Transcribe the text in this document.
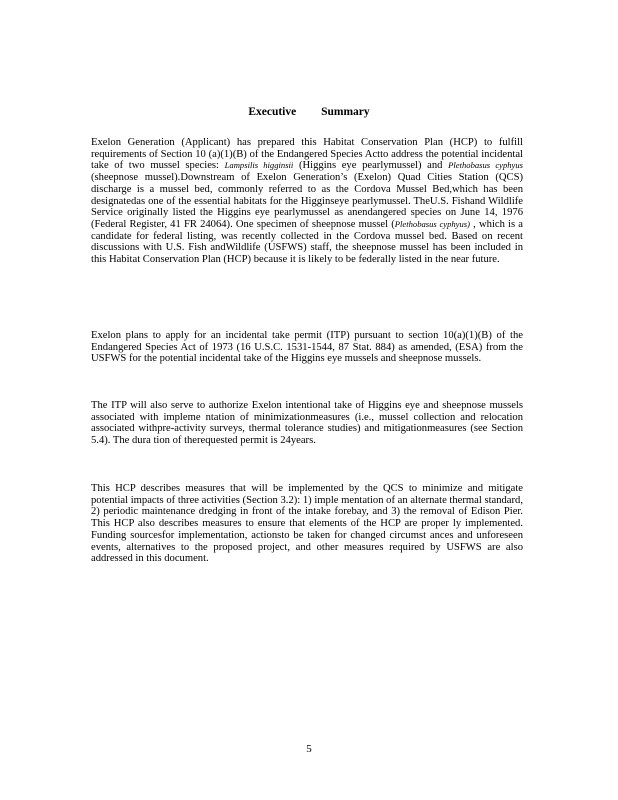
Executive Summary
Exelon Generation (Applicant) has prepared this Habitat Conservation Plan (HCP) to fulfill requirements of Section 10 (a)(1)(B) of the Endangered Species Actto address the potential incidental take of two mussel species: Lampsilis higginsii (Higgins eye pearlymussel) and Plethobasus cyphyus (sheepnose mussel).Downstream of Exelon Generation’s (Exelon) Quad Cities Station (QCS) discharge is a mussel bed, commonly referred to as the Cordova Mussel Bed,which has been designatedas one of the essential habitats for the Higginseye pearlymussel. TheU.S. Fishand Wildlife Service originally listed the Higgins eye pearlymussel as anendangered species on June 14, 1976 (Federal Register, 41 FR 24064). One specimen of sheepnose mussel (Plethobasus cyphyus) , which is a candidate for federal listing, was recently collected in the Cordova mussel bed. Based on recent discussions with U.S. Fish andWildlife (USFWS) staff, the sheepnose mussel has been included in this Habitat Conservation Plan (HCP) because it is likely to be federally listed in the near future.
Exelon plans to apply for an incidental take permit (ITP) pursuant to section 10(a)(1)(B) of the Endangered Species Act of 1973 (16 U.S.C. 1531-1544, 87 Stat. 884) as amended, (ESA) from the USFWS for the potential incidental take of the Higgins eye mussels and sheepnose mussels.
The ITP will also serve to authorize Exelon intentional take of Higgins eye and sheepnose mussels associated with impleme ntation of minimizationmeasures (i.e., mussel collection and relocation associated withpre-activity surveys, thermal tolerance studies) and mitigationmeasures (see Section 5.4). The dura tion of therequested permit is 24years.
This HCP describes measures that will be implemented by the QCS to minimize and mitigate potential impacts of three activities (Section 3.2): 1) imple mentation of an alternate thermal standard, 2) periodic maintenance dredging in front of the intake forebay, and 3) the removal of Edison Pier. This HCP also describes measures to ensure that elements of the HCP are proper ly implemented. Funding sourcesfor implementation, actionsto be taken for changed circumst ances and unforeseen events, alternatives to the proposed project, and other measures required by USFWS are also addressed in this document.
5
